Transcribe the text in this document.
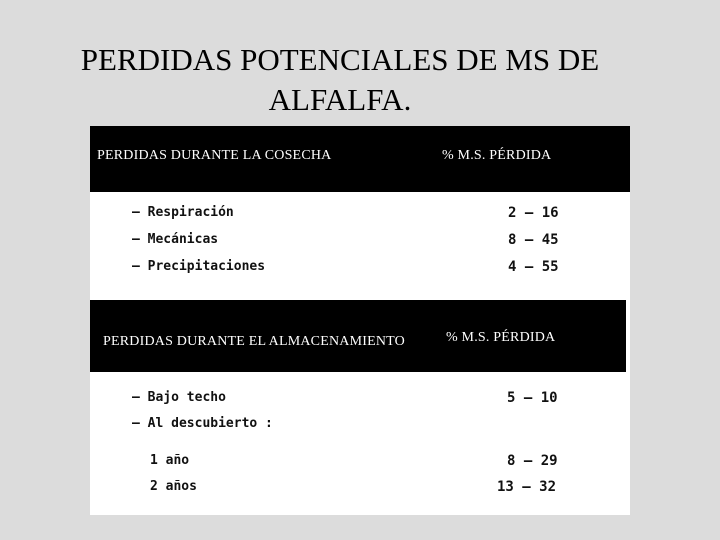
PERDIDAS POTENCIALES DE MS DE
ALFALFA.
PERDIDAS DURANTE LA COSECHA	% M.S. PÉRDIDA
– Respiración	2 – 16
– Mecánicas	8 – 45
– Precipitaciones	4 – 55
PERDIDAS DURANTE EL ALMACENAMIENTO	% M.S. PÉRDIDA
– Bajo techo	5 – 10
– Al descubierto :
1 año	8 – 29
2 años	13 – 32
